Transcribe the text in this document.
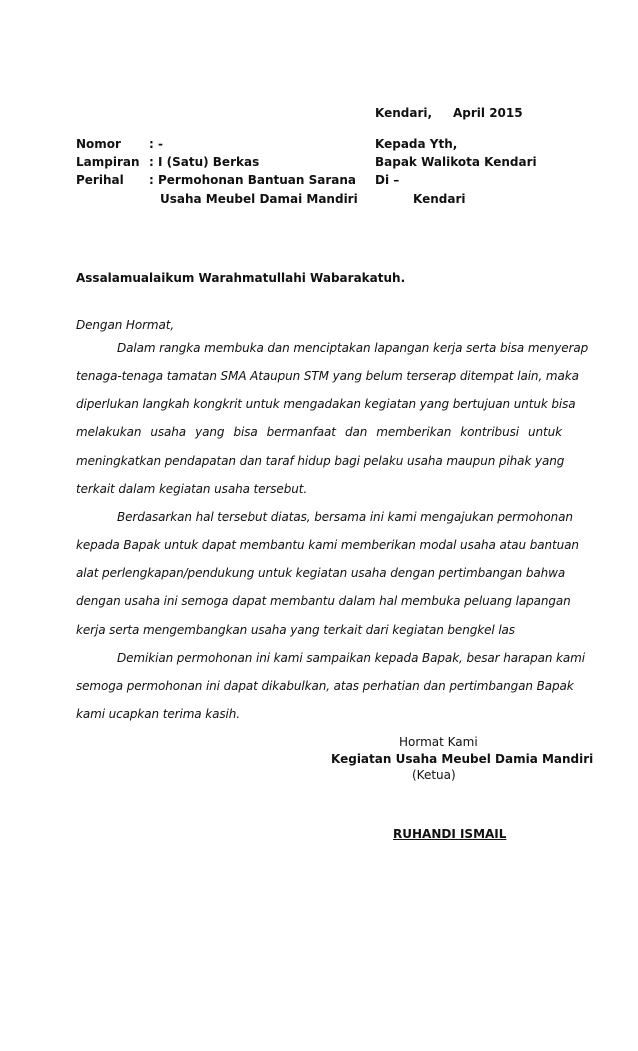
Kendari, April 2015
Nomor : -
Lampiran : I (Satu) Berkas
Perihal : Permohonan Bantuan Sarana
Usaha Meubel Damai Mandiri
Kepada Yth,
Bapak Walikota Kendari
Di –
Kendari
Assalamualaikum Warahmatullahi Wabarakatuh.
Dengan Hormat,
Dalam rangka membuka dan menciptakan lapangan kerja serta bisa menyerap
tenaga-tenaga tamatan SMA Ataupun STM yang belum terserap ditempat lain, maka
diperlukan langkah kongkrit untuk mengadakan kegiatan yang bertujuan untuk bisa
melakukan usaha yang bisa bermanfaat dan memberikan kontribusi untuk
meningkatkan pendapatan dan taraf hidup bagi pelaku usaha maupun pihak yang
terkait dalam kegiatan usaha tersebut.
Berdasarkan hal tersebut diatas, bersama ini kami mengajukan permohonan
kepada Bapak untuk dapat membantu kami memberikan modal usaha atau bantuan
alat perlengkapan/pendukung untuk kegiatan usaha dengan pertimbangan bahwa
dengan usaha ini semoga dapat membantu dalam hal membuka peluang lapangan
kerja serta mengembangkan usaha yang terkait dari kegiatan bengkel las
Demikian permohonan ini kami sampaikan kepada Bapak, besar harapan kami
semoga permohonan ini dapat dikabulkan, atas perhatian dan pertimbangan Bapak
kami ucapkan terima kasih.
Hormat Kami
Kegiatan Usaha Meubel Damia Mandiri
(Ketua)
RUHANDI ISMAIL
